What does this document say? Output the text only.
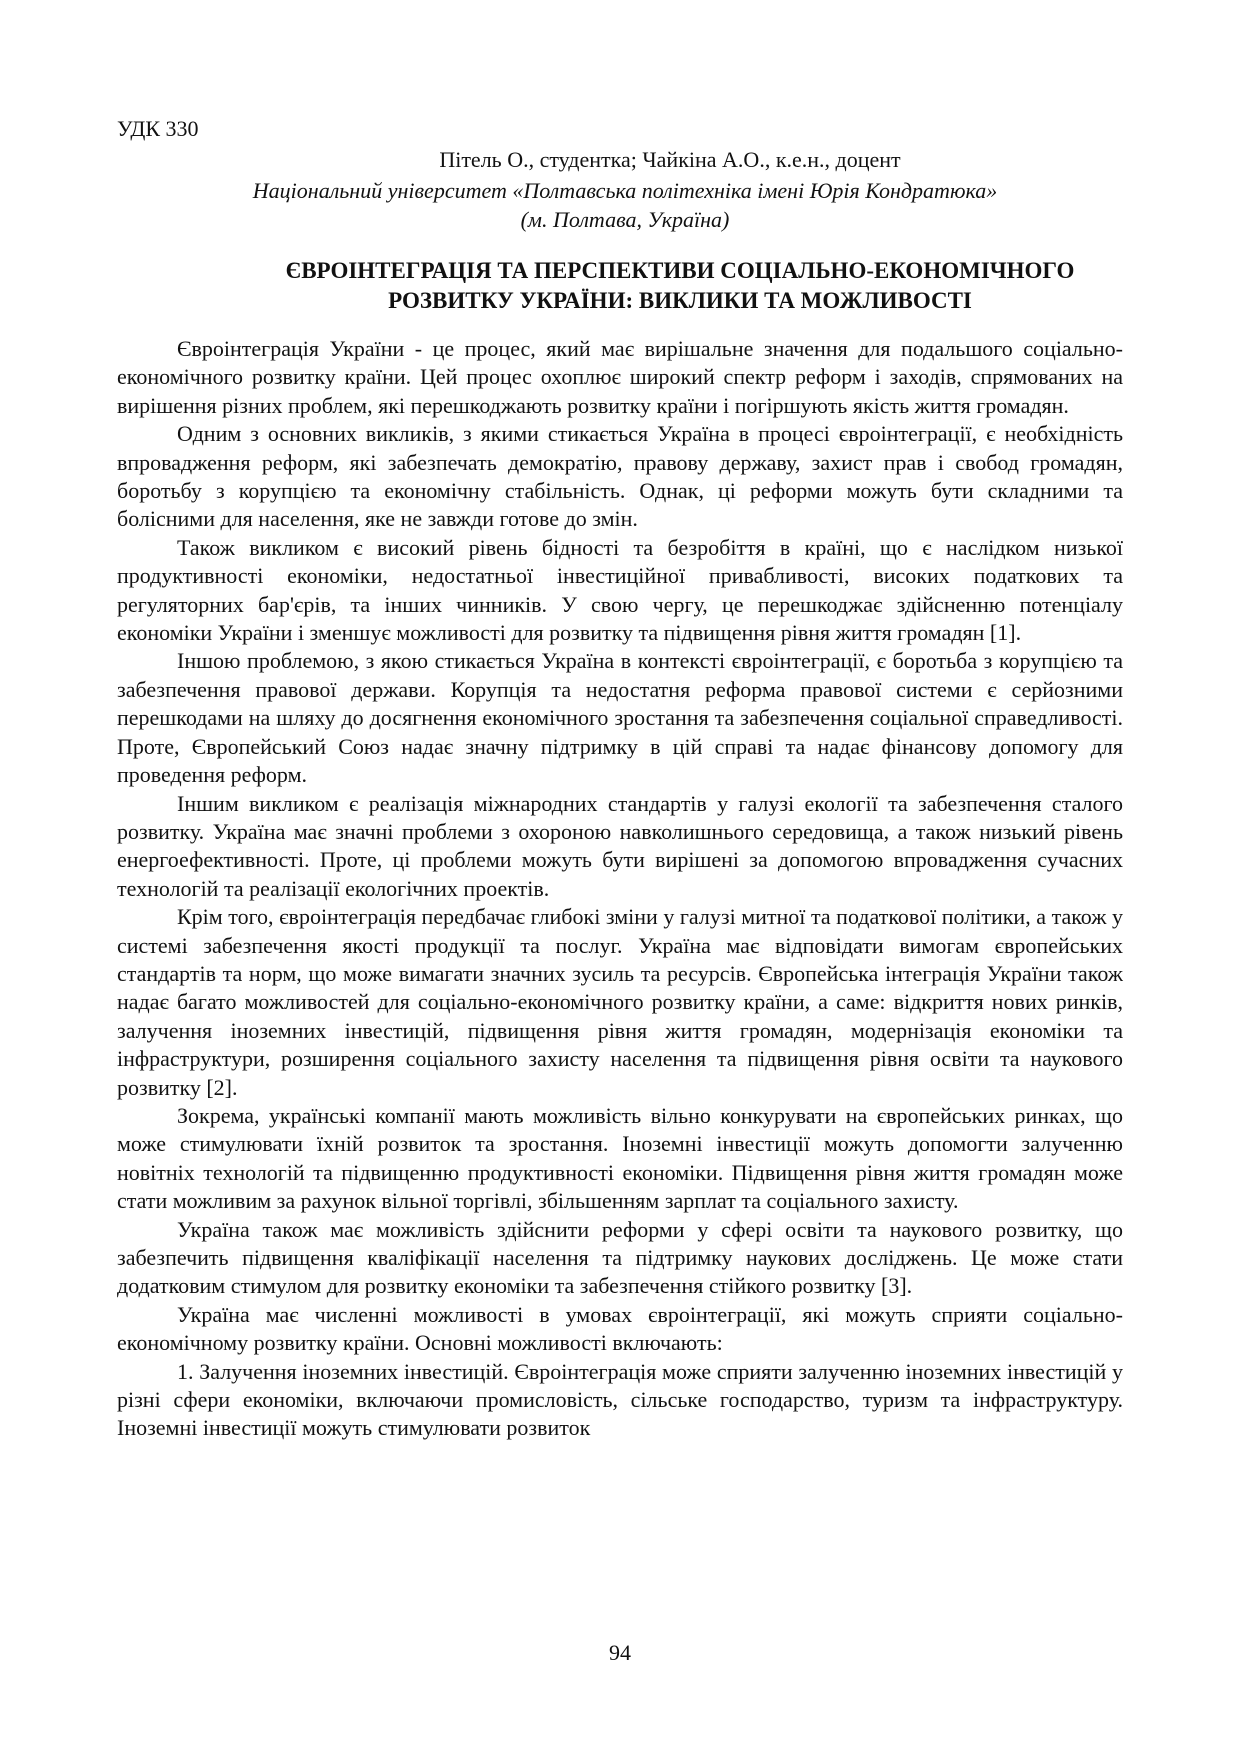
УДК 330
Пітель О., студентка; Чайкіна А.О., к.е.н., доцент
Національний університет «Полтавська політехніка імені Юрія Кондратюка»
(м. Полтава, Україна)
ЄВРОІНТЕГРАЦІЯ ТА ПЕРСПЕКТИВИ СОЦІАЛЬНО-ЕКОНОМІЧНОГО
РОЗВИТКУ УКРАЇНИ: ВИКЛИКИ ТА МОЖЛИВОСТІ

Євроінтеграція України - це процес, який має вирішальне значення для подальшого соціально-економічного розвитку країни. Цей процес охоплює широкий спектр реформ і заходів, спрямованих на вирішення різних проблем, які перешкоджають розвитку країни і погіршують якість життя громадян.

Одним з основних викликів, з якими стикається Україна в процесі євроінтеграції, є необхідність впровадження реформ, які забезпечать демократію, правову державу, захист прав і свобод громадян, боротьбу з корупцією та економічну стабільність. Однак, ці реформи можуть бути складними та болісними для населення, яке не завжди готове до змін.

Також викликом є високий рівень бідності та безробіття в країні, що є наслідком низької продуктивності економіки, недостатньої інвестиційної привабливості, високих податкових та регуляторних бар'єрів, та інших чинників. У свою чергу, це перешкоджає здійсненню потенціалу економіки України і зменшує можливості для розвитку та підвищення рівня життя громадян [1].

Іншою проблемою, з якою стикається Україна в контексті євроінтеграції, є боротьба з корупцією та забезпечення правової держави. Корупція та недостатня реформа правової системи є серйозними перешкодами на шляху до досягнення економічного зростання та забезпечення соціальної справедливості. Проте, Європейський Союз надає значну підтримку в цій справі та надає фінансову допомогу для проведення реформ.

Іншим викликом є реалізація міжнародних стандартів у галузі екології та забезпечення сталого розвитку. Україна має значні проблеми з охороною навколишнього середовища, а також низький рівень енергоефективності. Проте, ці проблеми можуть бути вирішені за допомогою впровадження сучасних технологій та реалізації екологічних проектів.

Крім того, євроінтеграція передбачає глибокі зміни у галузі митної та податкової політики, а також у системі забезпечення якості продукції та послуг. Україна має відповідати вимогам європейських стандартів та норм, що може вимагати значних зусиль та ресурсів. Європейська інтеграція України також надає багато можливостей для соціально-економічного розвитку країни, а саме: відкриття нових ринків, залучення іноземних інвестицій, підвищення рівня життя громадян, модернізація економіки та інфраструктури, розширення соціального захисту населення та підвищення рівня освіти та наукового розвитку [2].

Зокрема, українські компанії мають можливість вільно конкурувати на європейських ринках, що може стимулювати їхній розвиток та зростання. Іноземні інвестиції можуть допомогти залученню новітніх технологій та підвищенню продуктивності економіки. Підвищення рівня життя громадян може стати можливим за рахунок вільної торгівлі, збільшенням зарплат та соціального захисту.

Україна також має можливість здійснити реформи у сфері освіти та наукового розвитку, що забезпечить підвищення кваліфікації населення та підтримку наукових досліджень. Це може стати додатковим стимулом для розвитку економіки та забезпечення стійкого розвитку [3].

Україна має численні можливості в умовах євроінтеграції, які можуть сприяти соціально-економічному розвитку країни. Основні можливості включають:

1. Залучення іноземних інвестицій. Євроінтеграція може сприяти залученню іноземних інвестицій у різні сфери економіки, включаючи промисловість, сільське господарство, туризм та інфраструктуру. Іноземні інвестиції можуть стимулювати розвиток

94
